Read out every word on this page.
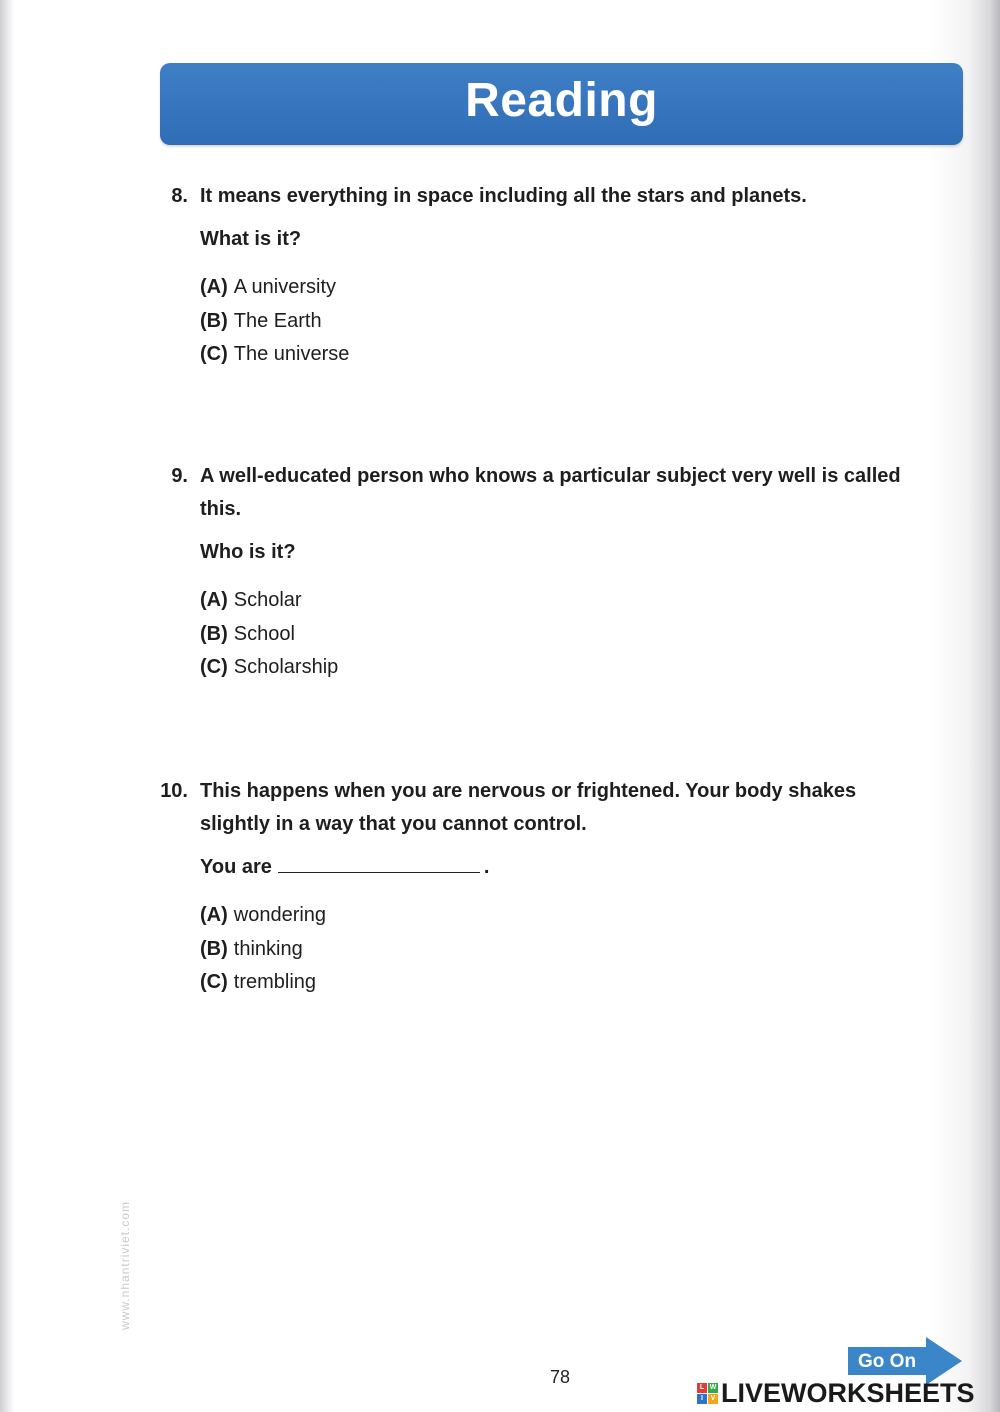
Reading
8. It means everything in space including all the stars and planets.
What is it?
(A) A university
(B) The Earth
(C) The universe
9. A well-educated person who knows a particular subject very well is called this.
Who is it?
(A) Scholar
(B) School
(C) Scholarship
10. This happens when you are nervous or frightened. Your body shakes slightly in a way that you cannot control.
You are	.
(A) wondering
(B) thinking
(C) trembling
www.nhantriviet.com
78
Go On
L W
I	V LIVEWORKSHEETS
